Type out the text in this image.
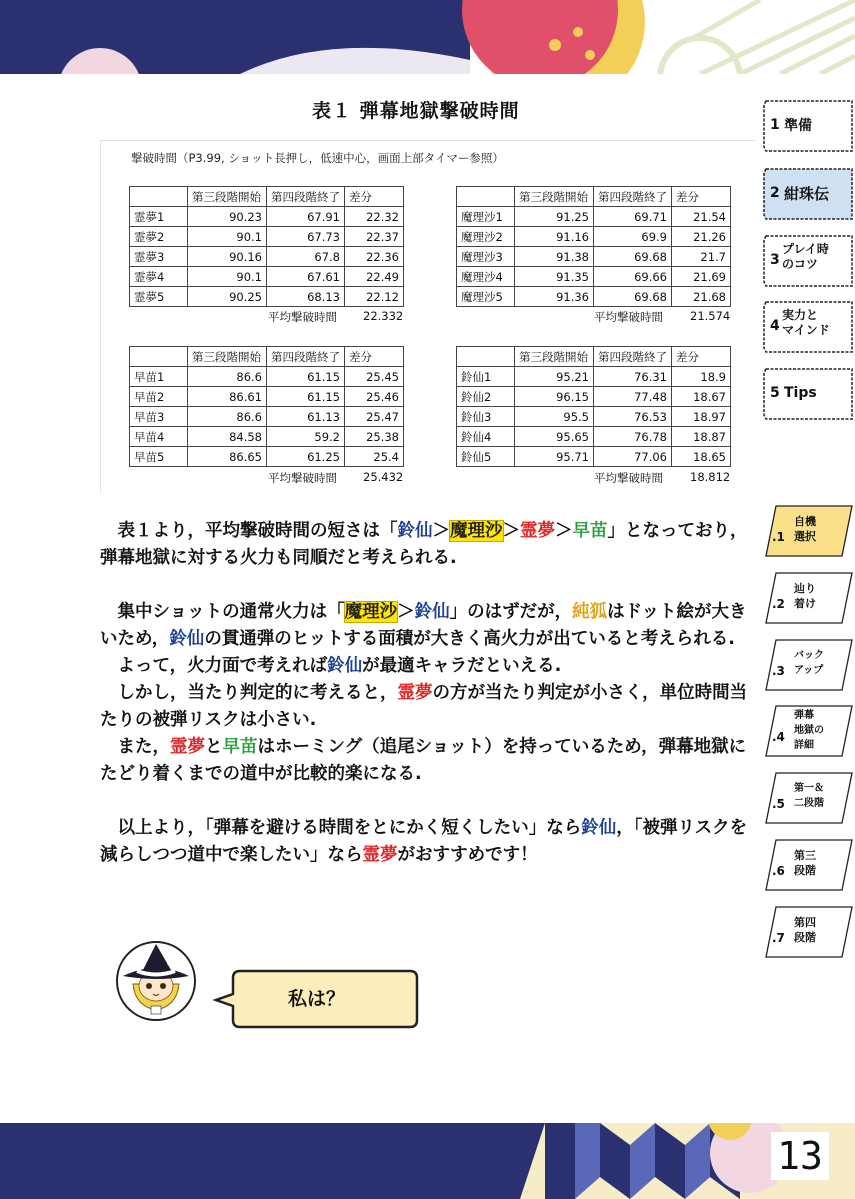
表１ 弾幕地獄撃破時間
撃破時間（P3.99, ショット長押し，低速中心，画面上部タイマー参照）
	第三段階開始	第四段階終了	差分
霊夢1	90.23	67.91	22.32
霊夢2	90.1	67.73	22.37
霊夢3	90.16	67.8	22.36
霊夢4	90.1	67.61	22.49
霊夢5	90.25	68.13	22.12
平均撃破時間 22.332
	第三段階開始	第四段階終了	差分
魔理沙1	91.25	69.71	21.54
魔理沙2	91.16	69.9	21.26
魔理沙3	91.38	69.68	21.7
魔理沙4	91.35	69.66	21.69
魔理沙5	91.36	69.68	21.68
平均撃破時間 21.574
	第三段階開始	第四段階終了	差分
早苗1	86.6	61.15	25.45
早苗2	86.61	61.15	25.46
早苗3	86.6	61.13	25.47
早苗4	84.58	59.2	25.38
早苗5	86.65	61.25	25.4
平均撃破時間 25.432
	第三段階開始	第四段階終了	差分
鈴仙1	95.21	76.31	18.9
鈴仙2	96.15	77.48	18.67
鈴仙3	95.5	76.53	18.97
鈴仙4	95.65	76.78	18.87
鈴仙5	95.71	77.06	18.65
平均撃破時間 18.812

　表１より，平均撃破時間の短さは「鈴仙＞魔理沙＞霊夢＞早苗」となっており，弾幕地獄に対する火力も同順だと考えられる.

　集中ショットの通常火力は「魔理沙＞鈴仙」のはずだが，純狐はドット絵が大きいため，鈴仙の貫通弾のヒットする面積が大きく高火力が出ていると考えられる.

　よって，火力面で考えれば鈴仙が最適キャラだといえる.

　しかし，当たり判定的に考えると，霊夢の方が当たり判定が小さく，単位時間当たりの被弾リスクは小さい.

　また，霊夢と早苗はホーミング（追尾ショット）を持っているため，弾幕地獄にたどり着くまでの道中が比較的楽になる.

　以上より，「弾幕を避ける時間をとにかく短くしたい」なら鈴仙，「被弾リスクを減らしつつ道中で楽したい」なら霊夢がおすすめです！

私は？
1 準備
2 紺珠伝
3
プレイ時
のコツ
4
実力と
マインド
5 Tips
.1
自機
選択
.2
辿り
着け
.3
バック
アップ
.4
弾幕
地獄の
詳細
.5
第一＆
二段階
.6
第三
段階
.7
第四
段階
13
